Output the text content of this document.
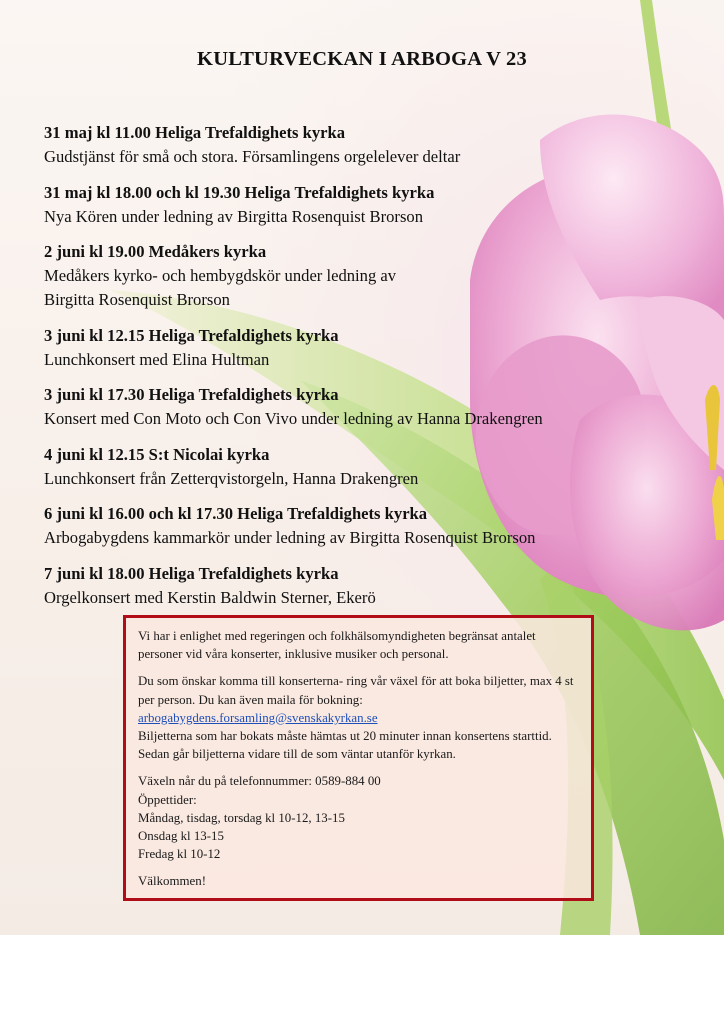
KULTURVECKAN I ARBOGA V 23
31 maj kl 11.00 Heliga Trefaldighets kyrka
Gudstjänst för små och stora. Församlingens orgelelever deltar
31 maj kl 18.00 och kl 19.30 Heliga Trefaldighets kyrka
Nya Kören under ledning av Birgitta Rosenquist Brorson
2 juni kl 19.00 Medåkers kyrka
Medåkers kyrko- och hembygdskör under ledning av
Birgitta Rosenquist Brorson
3 juni kl 12.15 Heliga Trefaldighets kyrka
Lunchkonsert med Elina Hultman
3 juni kl 17.30 Heliga Trefaldighets kyrka
Konsert med Con Moto och Con Vivo under ledning av Hanna Drakengren
4 juni kl 12.15 S:t Nicolai kyrka
Lunchkonsert från Zetterqvistorgeln, Hanna Drakengren
6 juni kl 16.00 och kl 17.30 Heliga Trefaldighets kyrka
Arbogabygdens kammarkör under ledning av Birgitta Rosenquist Brorson
7 juni kl 18.00 Heliga Trefaldighets kyrka
Orgelkonsert med Kerstin Baldwin Sterner, Ekerö

Vi har i enlighet med regeringen och folkhälsomyndigheten begränsat antalet personer vid våra konserter, inklusive musiker och personal.

Du som önskar komma till konserterna- ring vår växel för att boka biljetter, max 4 st per person. Du kan även maila för bokning:

arbogabygdens.forsamling@svenskakyrkan.se

Biljetterna som har bokats måste hämtas ut 20 minuter innan konsertens starttid. Sedan går biljetterna vidare till de som väntar utanför kyrkan.

Växeln når du på telefonnummer: 0589-884 00

Öppettider:

Måndag, tisdag, torsdag kl 10-12, 13-15

Onsdag kl 13-15

Fredag kl 10-12

Välkommen!
